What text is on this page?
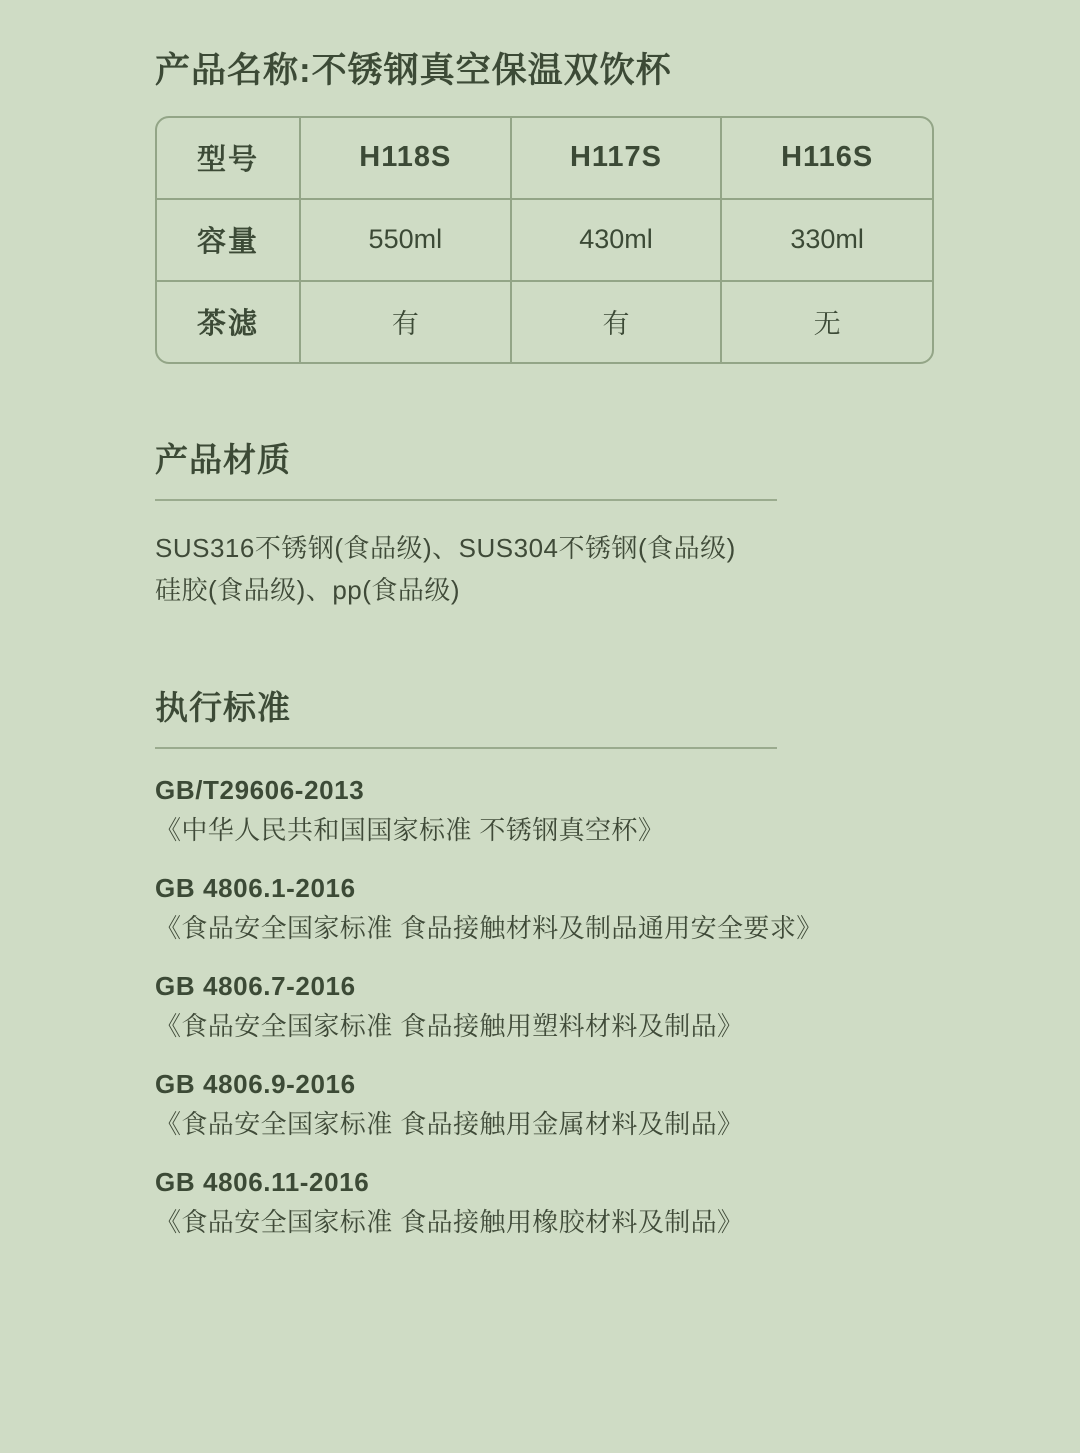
产品名称:不锈钢真空保温双饮杯
型号	H118S	H117S	H116S
容量	550ml	430ml	330ml
茶滤	有	有	无
产品材质
SUS316不锈钢(食品级)、SUS304不锈钢(食品级)
硅胶(食品级)、pp(食品级)
执行标准
GB/T29606-2013
《中华人民共和国国家标准 不锈钢真空杯》
GB 4806.1-2016
《食品安全国家标准 食品接触材料及制品通用安全要求》
GB 4806.7-2016
《食品安全国家标准 食品接触用塑料材料及制品》
GB 4806.9-2016
《食品安全国家标准 食品接触用金属材料及制品》
GB 4806.11-2016
《食品安全国家标准 食品接触用橡胶材料及制品》
